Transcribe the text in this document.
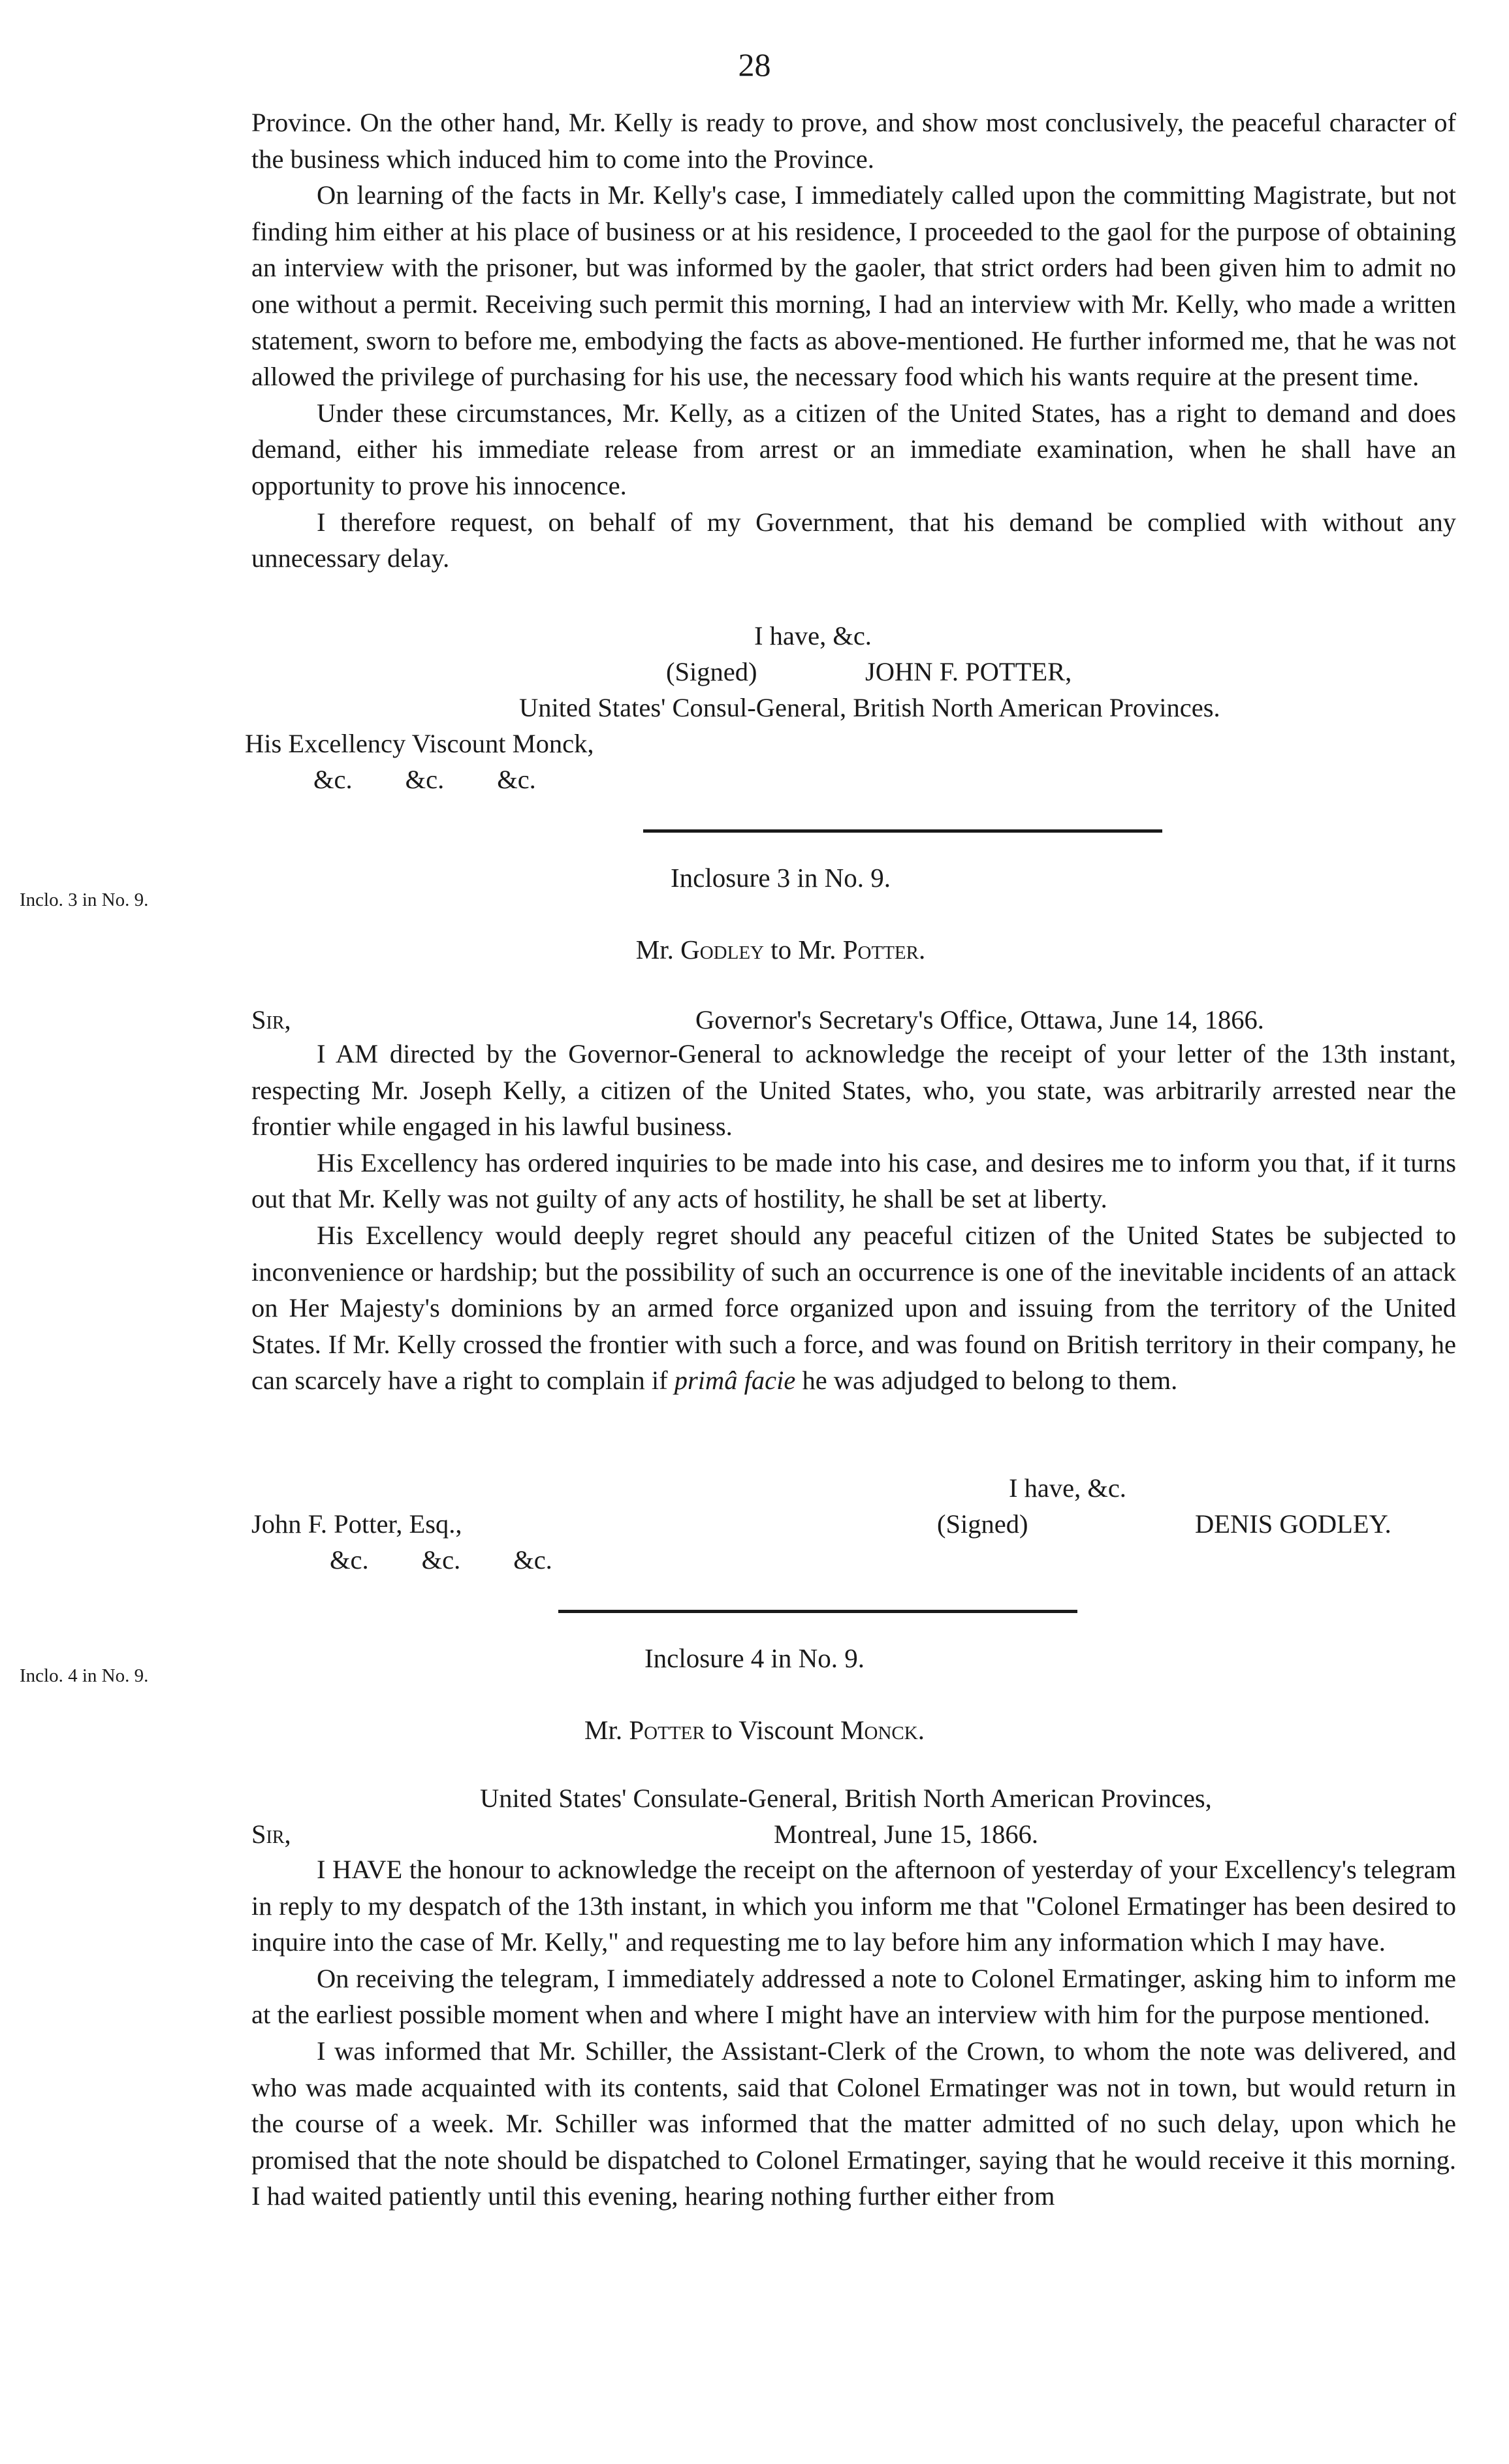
28

Province. On the other hand, Mr. Kelly is ready to prove, and show most conclusively, the peaceful character of the business which induced him to come into the Province.

On learning of the facts in Mr. Kelly's case, I immediately called upon the committing Magistrate, but not finding him either at his place of business or at his residence, I proceeded to the gaol for the purpose of obtaining an interview with the prisoner, but was informed by the gaoler, that strict orders had been given him to admit no one without a permit. Receiving such permit this morning, I had an interview with Mr. Kelly, who made a written statement, sworn to before me, embodying the facts as above-mentioned. He further informed me, that he was not allowed the privilege of purchasing for his use, the necessary food which his wants require at the present time.

Under these circumstances, Mr. Kelly, as a citizen of the United States, has a right to demand and does demand, either his immediate release from arrest or an immediate examination, when he shall have an opportunity to prove his innocence.

I therefore request, on behalf of my Government, that his demand be complied with without any unnecessary delay.

I have, &c.
(Signed)	JOHN F. POTTER,
United States' Consul-General, British North American Provinces.
His Excellency Viscount Monck,
&c.        &c.        &c.
Inclo. 3 in No. 9.
Inclosure 3 in No. 9.
Mr. Godley to Mr. Potter.
Sir,	Governor's Secretary's Office, Ottawa, June 14, 1866.

I AM directed by the Governor-General to acknowledge the receipt of your letter of the 13th instant, respecting Mr. Joseph Kelly, a citizen of the United States, who, you state, was arbitrarily arrested near the frontier while engaged in his lawful business.

His Excellency has ordered inquiries to be made into his case, and desires me to inform you that, if it turns out that Mr. Kelly was not guilty of any acts of hostility, he shall be set at liberty.

His Excellency would deeply regret should any peaceful citizen of the United States be subjected to inconvenience or hardship; but the possibility of such an occurrence is one of the inevitable incidents of an attack on Her Majesty's dominions by an armed force organized upon and issuing from the territory of the United States. If Mr. Kelly crossed the frontier with such a force, and was found on British territory in their company, he can scarcely have a right to complain if primâ facie he was adjudged to belong to them.

I have, &c.
(Signed)	DENIS GODLEY.
John F. Potter, Esq.,
&c.        &c.        &c.
Inclo. 4 in No. 9.
Inclosure 4 in No. 9.
Mr. Potter to Viscount Monck.
United States' Consulate-General, British North American Provinces,
Sir,	Montreal, June 15, 1866.

I HAVE the honour to acknowledge the receipt on the afternoon of yesterday of your Excellency's telegram in reply to my despatch of the 13th instant, in which you inform me that "Colonel Ermatinger has been desired to inquire into the case of Mr. Kelly," and requesting me to lay before him any information which I may have.

On receiving the telegram, I immediately addressed a note to Colonel Ermatinger, asking him to inform me at the earliest possible moment when and where I might have an interview with him for the purpose mentioned.

I was informed that Mr. Schiller, the Assistant-Clerk of the Crown, to whom the note was delivered, and who was made acquainted with its contents, said that Colonel Ermatinger was not in town, but would return in the course of a week. Mr. Schiller was informed that the matter admitted of no such delay, upon which he promised that the note should be dispatched to Colonel Ermatinger, saying that he would receive it this morning. I had waited patiently until this evening, hearing nothing further either from
